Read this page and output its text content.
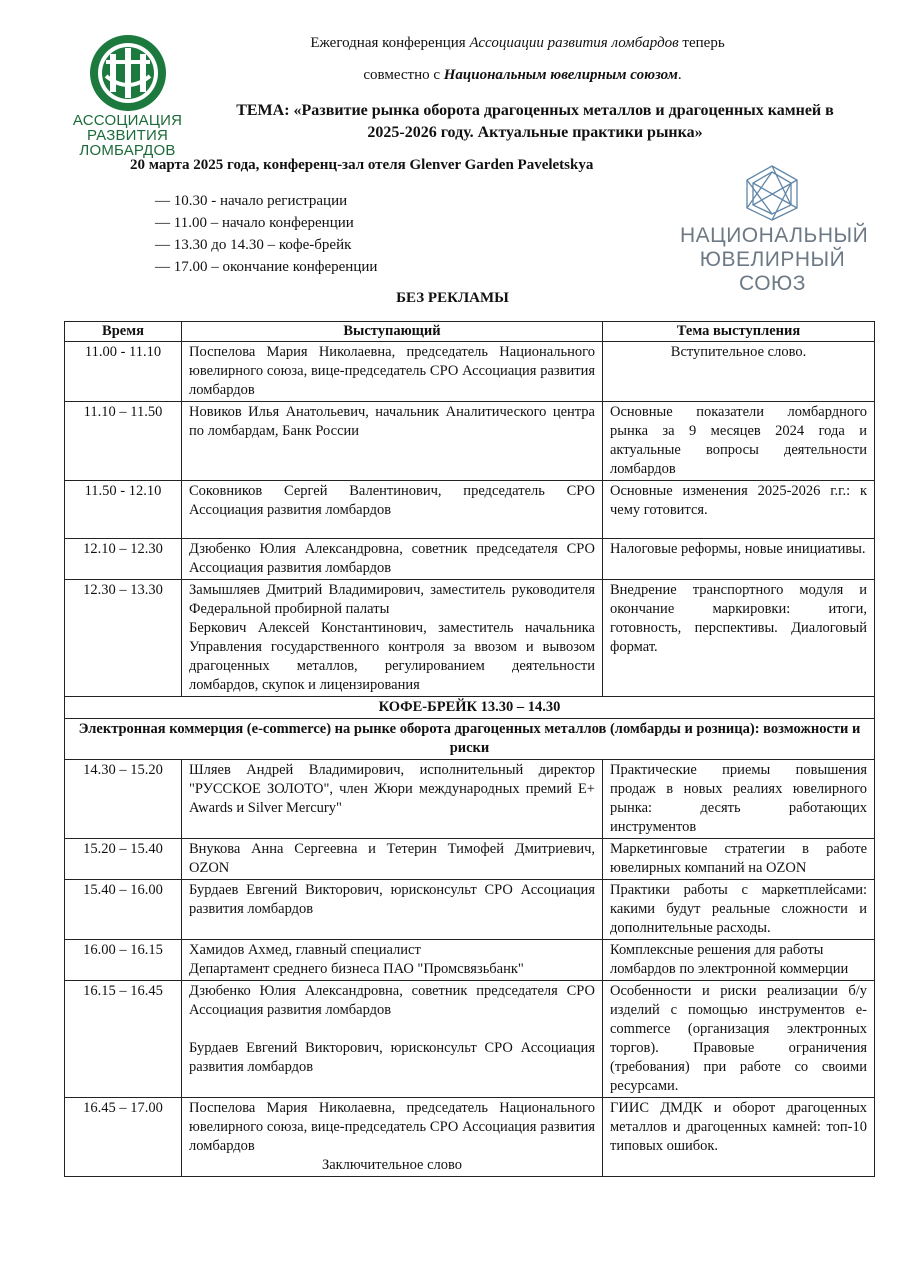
АССОЦИАЦИЯ
РАЗВИТИЯ ЛОМБАРДОВ
Ежегодная конференция Ассоциации развития ломбардов теперь
совместно с Национальным ювелирным союзом.
ТЕМА: «Развитие рынка оборота драгоценных металлов и драгоценных камней в 2025-2026 году. Актуальные практики рынка»
20 марта 2025 года, конференц-зал отеля Glenver Garden Paveletskya
— 10.30 - начало регистрации
— 11.00 – начало конференции
— 13.30 до 14.30 – кофе-брейк
— 17.00 – окончание конференции
НАЦИОНАЛЬНЫЙ
ЮВЕЛИРНЫЙ СОЮЗ
БЕЗ РЕКЛАМЫ
Время	Выступающий	Тема выступления
11.00 - 11.10	Поспелова Мария Николаевна, председатель Национального ювелирного союза, вице-председатель СРО Ассоциация развития ломбардов	Вступительное слово.
11.10 – 11.50	Новиков Илья Анатольевич, начальник Аналитического центра по ломбардам, Банк России	Основные показатели ломбардного рынка за 9 месяцев 2024 года и актуальные вопросы деятельности ломбардов
11.50 - 12.10	Соковников Сергей Валентинович, председатель СРО Ассоциация развития ломбардов	Основные изменения 2025-2026 г.г.: к чему готовится.
12.10 – 12.30	Дзюбенко Юлия Александровна, советник председателя СРО Ассоциация развития ломбардов	Налоговые реформы, новые инициативы.
12.30 – 13.30	Замышляев Дмитрий Владимирович, заместитель руководителя Федеральной пробирной палаты
Беркович Алексей Константинович, заместитель начальника Управления государственного контроля за ввозом и вывозом драгоценных металлов, регулированием деятельности ломбардов, скупок и лицензирования	Внедрение транспортного модуля и окончание маркировки: итоги, готовность, перспективы. Диалоговый формат.
КОФЕ-БРЕЙК 13.30 – 14.30		
Электронная коммерция (e-commerce) на рынке оборота драгоценных металлов (ломбарды и розница): возможности и риски		
14.30 – 15.20	Шляев Андрей Владимирович, исполнительный директор "РУССКОЕ ЗОЛОТО", член Жюри международных премий E+ Awards и Silver Mercury"	Практические приемы повышения продаж в новых реалиях ювелирного рынка: десять работающих инструментов
15.20 – 15.40	Внукова Анна Сергеевна и Тетерин Тимофей Дмитриевич, OZON	Маркетинговые стратегии в работе ювелирных компаний на OZON
15.40 – 16.00	Бурдаев Евгений Викторович, юрисконсульт СРО Ассоциация развития ломбардов	Практики работы с маркетплейсами: какими будут реальные сложности и дополнительные расходы.
16.00 – 16.15	Хамидов Ахмед, главный специалист
Департамент среднего бизнеса ПАО "Промсвязьбанк"	Комплексные решения для работы ломбардов по электронной коммерции
16.15 – 16.45	Дзюбенко Юлия Александровна, советник председателя СРО Ассоциация развития ломбардов
Бурдаев Евгений Викторович, юрисконсульт СРО Ассоциация развития ломбардов	Особенности и риски реализации б/у изделий с помощью инструментов e-commerce (организация электронных торгов). Правовые ограничения (требования) при работе со своими ресурсами.
16.45 – 17.00	Поспелова Мария Николаевна, председатель Национального ювелирного союза, вице-председатель СРО Ассоциация развития ломбардов
Заключительное слово	ГИИС ДМДК и оборот драгоценных металлов и драгоценных камней: топ-10 типовых ошибок.
